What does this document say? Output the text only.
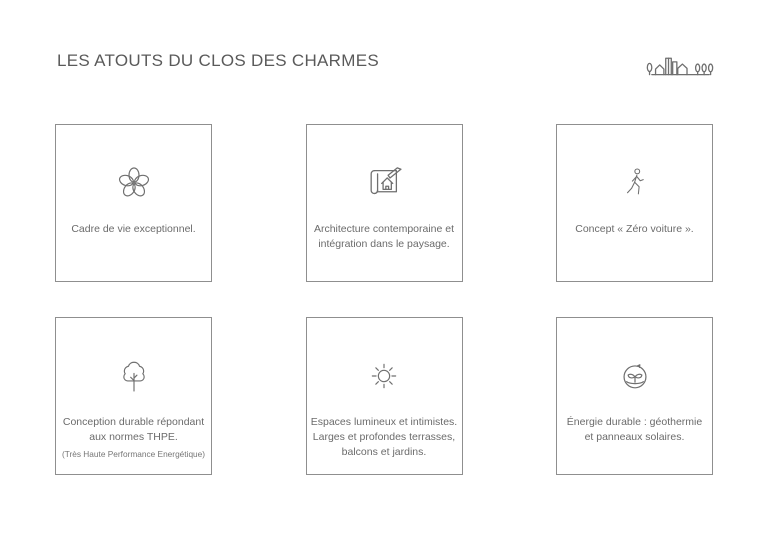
LES ATOUTS DU CLOS DES CHARMES
Cadre de vie exceptionnel.	Architecture contemporaine et
intégration dans le paysage.
Concept « Zéro voiture ».
Conception durable répondant
aux normes THPE.
(Très Haute Performance Energétique)
Espaces lumineux et intimistes.
Larges et profondes terrasses,
balcons et jardins.
Énergie durable : géothermie
et panneaux solaires.
